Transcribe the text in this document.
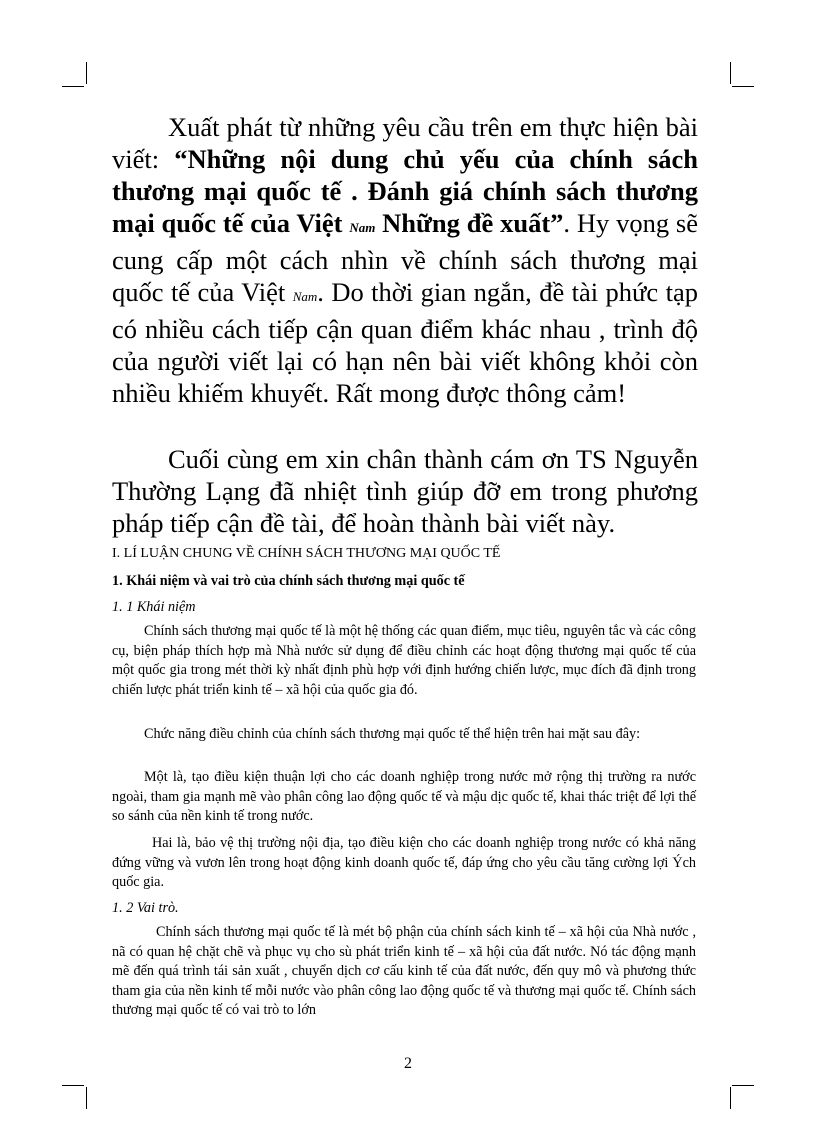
Xuất phát từ những yêu cầu trên em thực hiện bài viết: “Những nội dung chủ yếu của chính sách thương mại quốc tế . Đánh giá chính sách thương mại quốc tế của Việt Nam Những đề xuất”. Hy vọng sẽ cung cấp một cách nhìn về chính sách thương mại quốc tế của Việt Nam. Do thời gian ngắn, đề tài phức tạp có nhiều cách tiếp cận quan điểm khác nhau , trình độ của người viết lại có hạn nên bài viết không khỏi còn nhiều khiếm khuyết. Rất mong được thông cảm!
Cuối cùng em xin chân thành cám ơn TS Nguyễn Thường Lạng đã nhiệt tình giúp đỡ em trong phương pháp tiếp cận đề tài, để hoàn thành bài viết này.
I. LÍ LUẬN CHUNG VỀ CHÍNH SÁCH THƯƠNG MẠI QUỐC TẾ
1. Khái niệm và vai trò của chính sách thương mại quốc tế
1. 1 Khái niệm
Chính sách thương mại quốc tế là một hệ thống các quan điểm, mục tiêu, nguyên tắc và các công cụ, biện pháp thích hợp mà Nhà nước sử dụng để điều chỉnh các hoạt động thương mại quốc tế của một quốc gia trong mét thời kỳ nhất định phù hợp với định hướng chiến lược, mục đích đã định trong chiến lược phát triển kinh tế – xã hội của quốc gia đó.
Chức năng điều chỉnh của chính sách thương mại quốc tế thể hiện trên hai mặt sau đây:
Một là, tạo điều kiện thuận lợi cho các doanh nghiệp trong nước mở rộng thị trường ra nước ngoài, tham gia mạnh mẽ vào phân công lao động quốc tế và mậu dịc quốc tế, khai thác triệt để lợi thế so sánh của nền kinh tế trong nước.
Hai là, bảo vệ thị trường nội địa, tạo điều kiện cho các doanh nghiệp trong nước có khả năng đứng vững và vươn lên trong hoạt động kinh doanh quốc tế, đáp ứng cho yêu cầu tăng cường lợi Ých quốc gia.
1. 2 Vai trò.
Chính sách thương mại quốc tế là mét bộ phận của chính sách kinh tế – xã hội của Nhà nước , nã có quan hệ chặt chẽ và phục vụ cho sù phát triển kinh tế – xã hội của đất nước. Nó tác động mạnh mẽ đến quá trình tái sản xuất , chuyển dịch cơ cấu kinh tế của đất nước, đến quy mô và phương thức tham gia của nền kinh tế mỗi nước vào phân công lao động quốc tế và thương mại quốc tế. Chính sách thương mại quốc tế có vai trò to lớn
2
